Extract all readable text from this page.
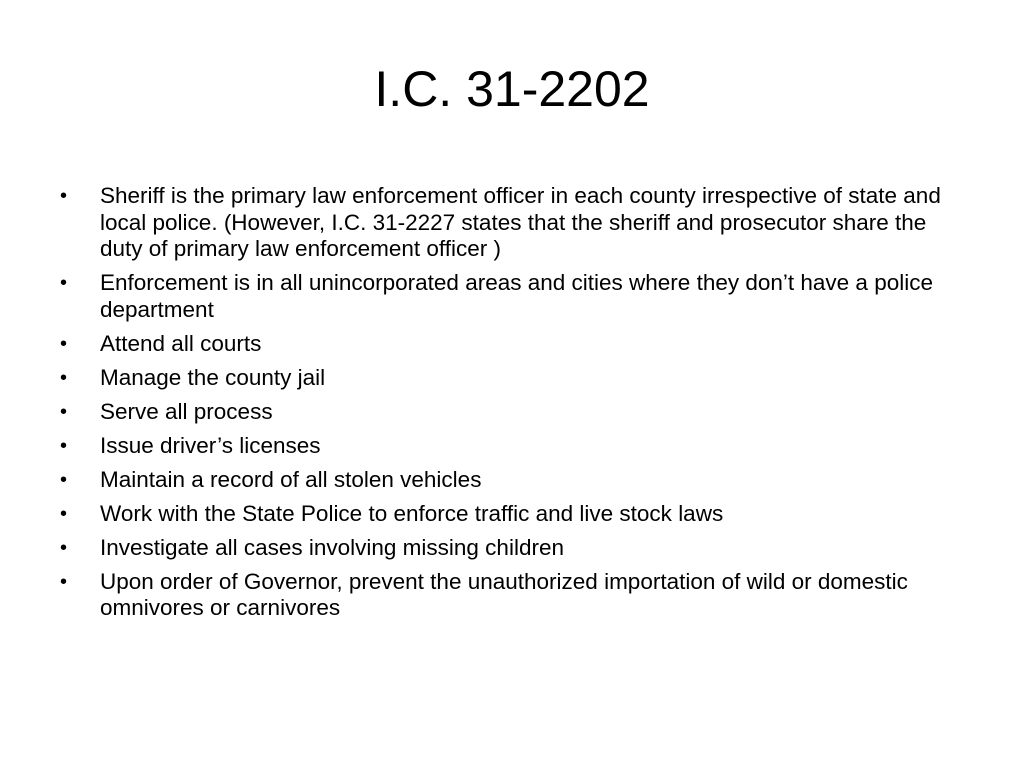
I.C. 31-2202
•	Sheriff is the primary law enforcement officer in each county irrespective of state and local police. (However, I.C. 31-2227 states that the sheriff and prosecutor share the duty of primary law enforcement officer )
•	Enforcement is in all unincorporated areas and cities where they don’t have a police department
•	Attend all courts
•	Manage the county jail
•	Serve all process
•	Issue driver’s licenses
•	Maintain a record of all stolen vehicles
•	Work with the State Police to enforce traffic and live stock laws
•	Investigate all cases involving missing children
•	Upon order of Governor, prevent the unauthorized importation of wild or domestic omnivores or carnivores
